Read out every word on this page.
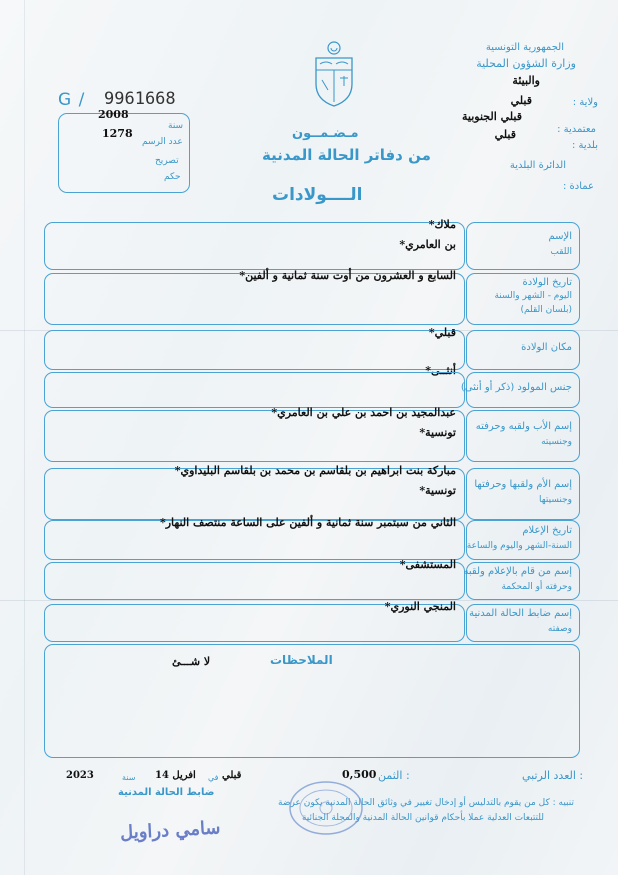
الجمهورية التونسية
وزارة الشؤون المحلية
والبيئة
ولاية :
قبلي
معتمدية :
قبلي الجنوبية
بلدية :
قبلي
الدائرة البلدية
عمادة :
G / 9961668
2008
سنة
1278
عدد الرسم
تصريح
حكم
مـضـمــون
من دفاتر الحالة المدنية
الــــولادات
الإسم
اللقب
ملاك*
بن العامري*
تاريخ الولادة
اليوم - الشهر والسنة
(بلسان القلم)
السابع و العشرون من أوت سنة ثمانية و ألفين*
مكان الولادة
قبلي*
أنثــى*
جنس المولود (ذكر أو أنثى)
إسم الأب ولقبه وحرفته
وجنسيته
عبدالمجيد بن احمد بن علي بن العامري*
تونسية*
إسم الأم ولقبها وحرفتها
وجنسيتها
مباركة بنت ابراهيم بن بلقاسم بن محمد بن بلقاسم البليداوي*
تونسية*
تاريخ الإعلام
السنة-الشهر واليوم والساعة
الثاني من سبتمبر سنة ثمانية و ألفين على الساعة منتصف النهار*
إسم من قام بالإعلام ولقبه
وحرفته أو المحكمة
المستشفى*
إسم ضابط الحالة المدنية
وصفته
المنجي النوري*
الملاحظات
لا شـــئ
العدد الرتبي :
الثمن :
0,500
قبلي
في
14 افريل
سنة
2023
ضابط الحالة المدنية
تنبيه : كل من يقوم بالتدليس أو إدخال تغيير في وثائق الحالة المدنية يكون عرضة
للتتبعات العدلية عملا بأحكام قوانين الحالة المدنية والمجلة الجنائية
سامي دراويل
